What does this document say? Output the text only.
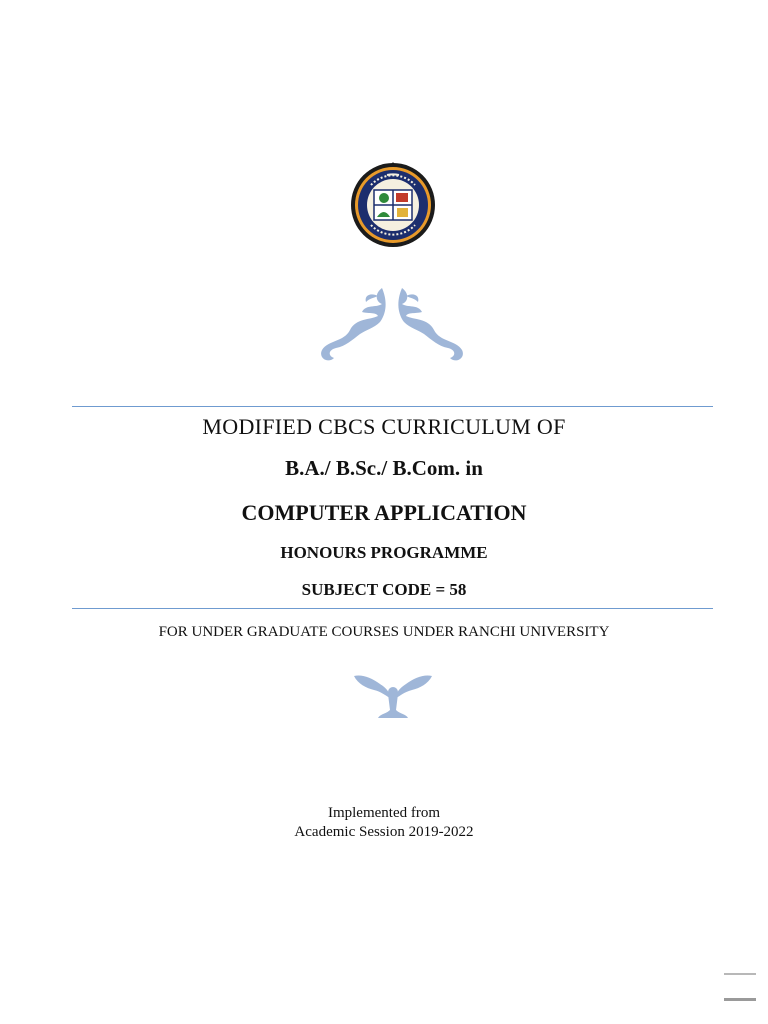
MODIFIED CBCS CURRICULUM OF
B.A./ B.Sc./ B.Com. in
COMPUTER APPLICATION
HONOURS PROGRAMME
SUBJECT CODE = 58
FOR UNDER GRADUATE COURSES UNDER RANCHI UNIVERSITY
Implemented from
Academic Session 2019-2022
